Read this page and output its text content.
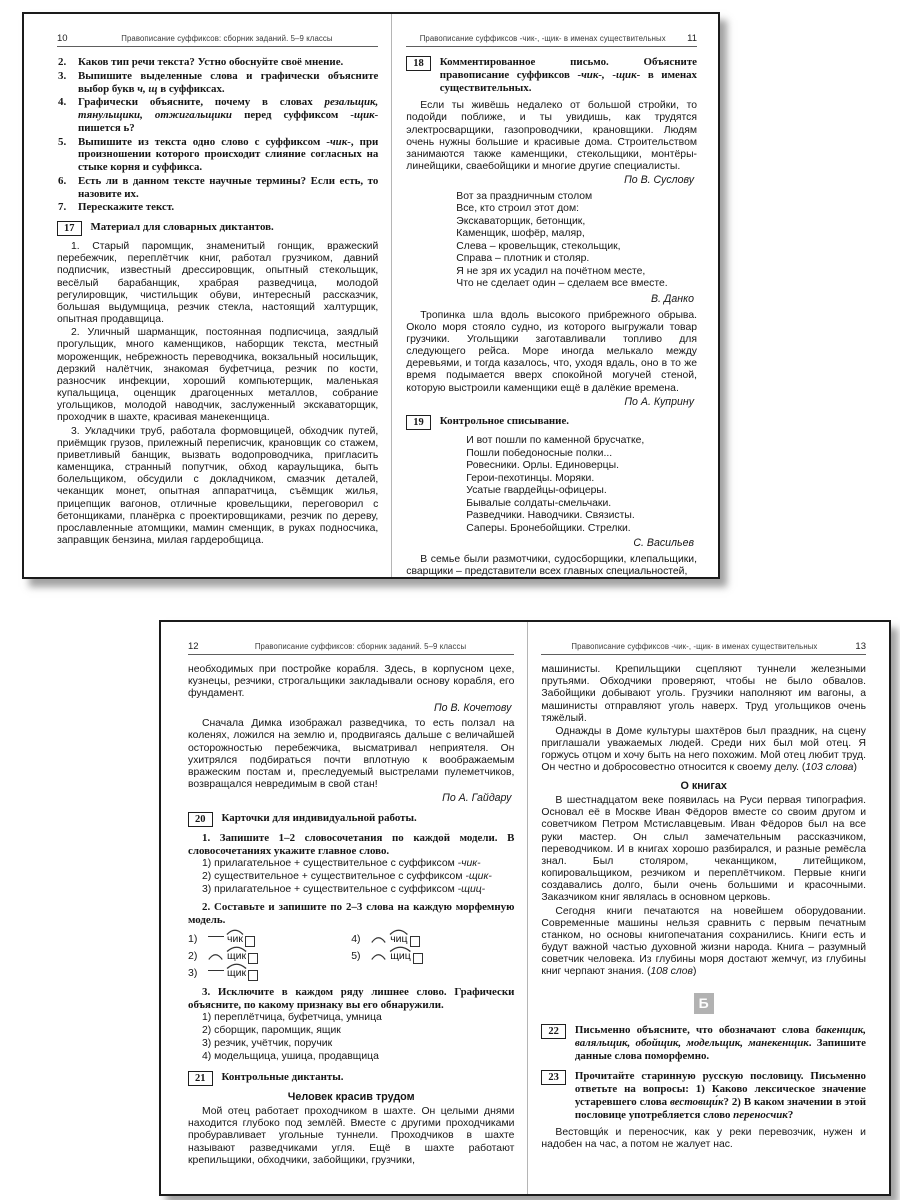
10	Правописание суффиксов: сборник заданий. 5–9 классы
2. Каков тип речи текста? Устно обоснуйте своё мнение.
3. Выпишите выделенные слова и графически объясните выбор букв ч, щ в суффиксах.
4. Графически объясните, почему в словах резальщик, тянульщики, отжигальщики перед суффиксом -щик- пишется ь?
5. Выпишите из текста одно слово с суффиксом -чик-, при произношении которого происходит слияние согласных на стыке корня и суффикса.
6. Есть ли в данном тексте научные термины? Если есть, то назовите их.
7. Перескажите текст.
17	Материал для словарных диктантов.

1. Старый паромщик, знаменитый гонщик, вражеский перебежчик, переплётчик книг, работал грузчиком, давний подписчик, известный дрессировщик, опытный стекольщик, весёлый барабанщик, храбрая разведчица, молодой регулировщик, чистильщик обуви, интересный рассказчик, большая выдумщица, резчик стекла, настоящий халтурщик, опытная продавщица.

2. Уличный шарманщик, постоянная подписчица, заядлый прогульщик, много каменщиков, наборщик текста, местный мороженщик, небрежность переводчика, вокзальный носильщик, дерзкий налётчик, знакомая буфетчица, резчик по кости, разносчик инфекции, хороший компьютерщик, маленькая купальщица, оценщик драгоценных металлов, собрание угольщиков, молодой наводчик, заслуженный экскаваторщик, проходчик в шахте, красивая манекенщица.

3. Укладчики труб, работала формовщицей, обходчик путей, приёмщик грузов, прилежный переписчик, крановщик со стажем, приветливый банщик, вызвать водопроводчика, пригласить каменщика, странный попутчик, обход караульщика, быть болельщиком, обсудили с докладчиком, смазчик деталей, чеканщик монет, опытная аппаратчица, съёмщик жилья, прицепщик вагонов, отличные кровельщики, переговорил с бетонщиками, планёрка с проектировщиками, резчик по дереву, прославленные атомщики, мамин сменщик, в руках подносчика, заправщик бензина, милая гардеробщица.

Правописание суффиксов -чик-, -щик- в именах существительных	11
18	Комментированное письмо. Объясните правописание суффиксов -чик-, -щик- в именах существительных.

Если ты живёшь недалеко от большой стройки, то подойди поближе, и ты увидишь, как трудятся электросварщики, газопроводчики, крановщики. Людям очень нужны большие и красивые дома. Строительством занимаются также каменщики, стекольщики, монтёры-линейщики, сваебойщики и многие другие специалисты.

По В. Суслову
Вот за праздничным столом
Все, кто строил этот дом:
Экскаваторщик, бетонщик,
Каменщик, шофёр, маляр,
Слева – кровельщик, стекольщик,
Справа – плотник и столяр.
Я не зря их усадил на почётном месте,
Что не сделает один – сделаем все вместе.
В. Данко

Тропинка шла вдоль высокого прибрежного обрыва. Около моря стояло судно, из которого выгружали товар грузчики. Угольщики заготавливали топливо для следующего рейса. Море иногда мелькало между деревьями, и тогда казалось, что, уходя вдаль, оно в то же время подымается вверх спокойной могучей стеной, которую выстроили каменщики ещё в далёкие времена.

По А. Куприну
19	Контрольное списывание.
И вот пошли по каменной брусчатке,
Пошли победоносные полки...
Ровесники. Орлы. Единоверцы.
Герои-пехотинцы. Моряки.
Усатые гвардейцы-офицеры.
Бывалые солдаты-смельчаки.
Разведчики. Наводчики. Связисты.
Саперы. Бронебойщики. Стрелки.
С. Васильев

В семье были размотчики, судосборщики, клепальщики, сварщики – представители всех главных специальностей,

12	Правописание суффиксов: сборник заданий. 5–9 классы

необходимых при постройке корабля. Здесь, в корпусном цехе, кузнецы, резчики, строгальщики закладывали основу корабля, его фундамент.

По В. Кочетову

Сначала Димка изображал разведчика, то есть ползал на коленях, ложился на землю и, продвигаясь дальше с величайшей осторожностью перебежчика, высматривал неприятеля. Он ухитрялся подбираться почти вплотную к воображаемым вражеским постам и, преследуемый выстрелами пулеметчиков, возвращался невредимым в свой стан!

По А. Гайдару
20	Карточки для индивидуальной работы.
1. Запишите 1–2 словосочетания по каждой модели. В словосочетаниях укажите главное слово.

1) прилагательное + существительное с суффиксом -чик-

2) существительное + существительное с суффиксом -щик-

3) прилагательное + существительное с суффиксом -щиц-

2. Составьте и запишите по 2–3 слова на каждую морфемную модель.
1)	чик
2)	щик
3)	щик
4)	чиц
5)	щиц
3. Исключите в каждом ряду лишнее слово. Графически объясните, по какому признаку вы его обнаружили.

1) переплётчица, буфетчица, умница

2) сборщик, паромщик, ящик

3) резчик, учётчик, поручик

4) модельщица, ушица, продавщица

21	Контрольные диктанты.
Человек красив трудом

Мой отец работает проходчиком в шахте. Он целыми днями находится глубоко под землёй. Вместе с другими проходчиками пробуравливает угольные туннели. Проходчиков в шахте называют разведчиками угля. Ещё в шахте работают крепильщики, обходчики, забойщики, грузчики,

Правописание суффиксов -чик-, -щик- в именах существительных	13

машинисты. Крепильщики сцепляют туннели железными прутьями. Обходчики проверяют, чтобы не было обвалов. Забойщики добывают уголь. Грузчики наполняют им вагоны, а машинисты отправляют уголь наверх. Труд угольщиков очень тяжёлый.

Однажды в Доме культуры шахтёров был праздник, на сцену приглашали уважаемых людей. Среди них был мой отец. Я горжусь отцом и хочу быть на него похожим. Мой отец любит труд. Он честно и добросовестно относится к своему делу. (103 слова)

О книгах

В шестнадцатом веке появилась на Руси первая типография. Основал её в Москве Иван Фёдоров вместе со своим другом и советчиком Петром Мстиславцевым. Иван Фёдоров был на все руки мастер. Он слыл замечательным рассказчиком, переводчиком. И в книгах хорошо разбирался, и разные ремёсла знал. Был столяром, чеканщиком, литейщиком, копировальщиком, резчиком и переплётчиком. Первые книги создавались долго, были очень большими и красочными. Заказчиком книг являлась в основном церковь.

Сегодня книги печатаются на новейшем оборудовании. Современные машины нельзя сравнить с первым печатным станком, но основы книгопечатания сохранились. Книги есть и будут важной частью духовной жизни народа. Книга – разумный советчик человека. Из глубины моря достают жемчуг, из глубины книг черпают знания. (108 слов)

Б
22	Письменно объясните, что обозначают слова бакенщик, валяльщик, обойщик, модельщик, манекенщик. Запишите данные слова поморфемно.
23	Прочитайте старинную русскую пословицу. Письменно ответьте на вопросы: 1) Каково лексическое значение устаревшего слова вестовщи́к? 2) В каком значении в этой пословице употребляется слово переносчик?

Вестовщи́к и переносчик, как у реки перевозчик, нужен и надобен на час, а потом не жалует нас.
